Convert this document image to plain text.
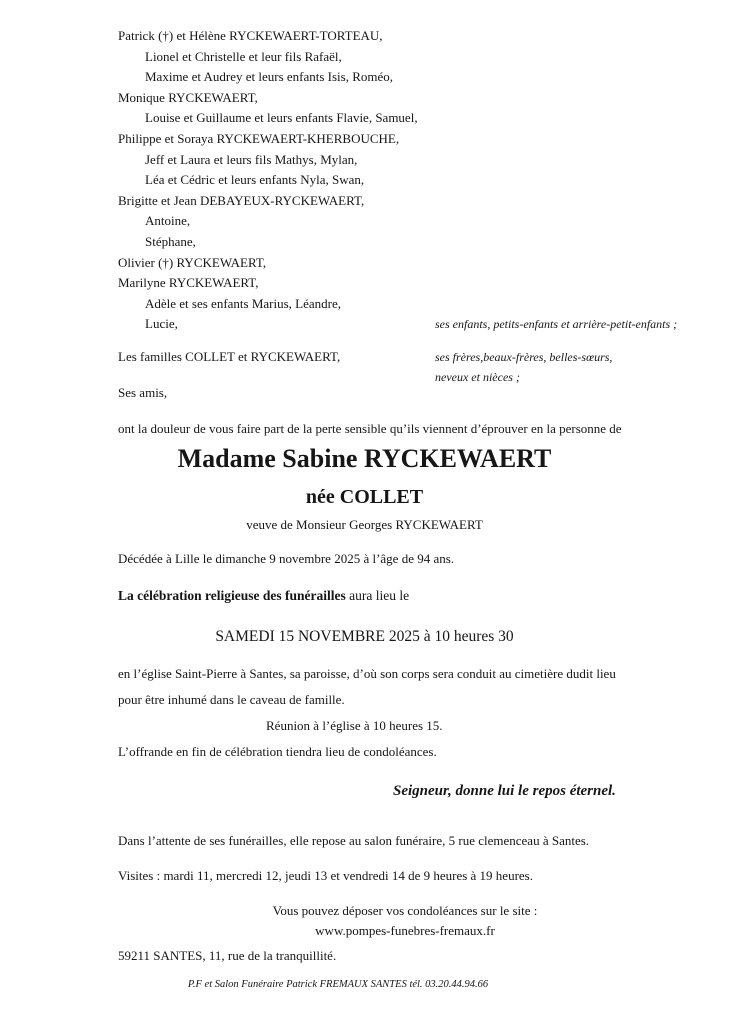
Patrick (†) et Hélène RYCKEWAERT-TORTEAU,
Lionel et Christelle et leur fils Rafaël,
Maxime et Audrey et leurs enfants Isis, Roméo,
Monique RYCKEWAERT,
Louise et Guillaume et leurs enfants Flavie, Samuel,
Philippe et Soraya RYCKEWAERT-KHERBOUCHE,
Jeff et Laura et leurs fils Mathys, Mylan,
Léa et Cédric et leurs enfants Nyla, Swan,
Brigitte et Jean DEBAYEUX-RYCKEWAERT,
Antoine,
Stéphane,
Olivier (†) RYCKEWAERT,
Marilyne RYCKEWAERT,
Adèle et ses enfants Marius, Léandre,
Lucie,	ses enfants, petits-enfants et arrière-petit-enfants ;
Les familles COLLET et RYCKEWAERT,	ses frères,beaux-frères, belles-sœurs,
neveux et nièces ;
Ses amis,
ont la douleur de vous faire part de la perte sensible qu’ils viennent d’éprouver en la personne de
Madame Sabine RYCKEWAERT
née COLLET
veuve de Monsieur Georges RYCKEWAERT
Décédée à Lille le dimanche 9 novembre 2025 à l’âge de 94 ans.
La célébration religieuse des funérailles aura lieu le
SAMEDI 15 NOVEMBRE 2025 à 10 heures 30
en l’église Saint-Pierre à Santes, sa paroisse, d’où son corps sera conduit au cimetière dudit lieu
pour être inhumé dans le caveau de famille.
Réunion à l’église à 10 heures 15.
L’offrande en fin de célébration tiendra lieu de condoléances.
Seigneur, donne lui le repos éternel.
Dans l’attente de ses funérailles, elle repose au salon funéraire, 5 rue clemenceau à Santes.
Visites : mardi 11, mercredi 12, jeudi 13 et vendredi 14 de 9 heures à 19 heures.
Vous pouvez déposer vos condoléances sur le site :
www.pompes-funebres-fremaux.fr
59211 SANTES, 11, rue de la tranquillité.
P.F et Salon Funéraire Patrick FREMAUX SANTES tél. 03.20.44.94.66
